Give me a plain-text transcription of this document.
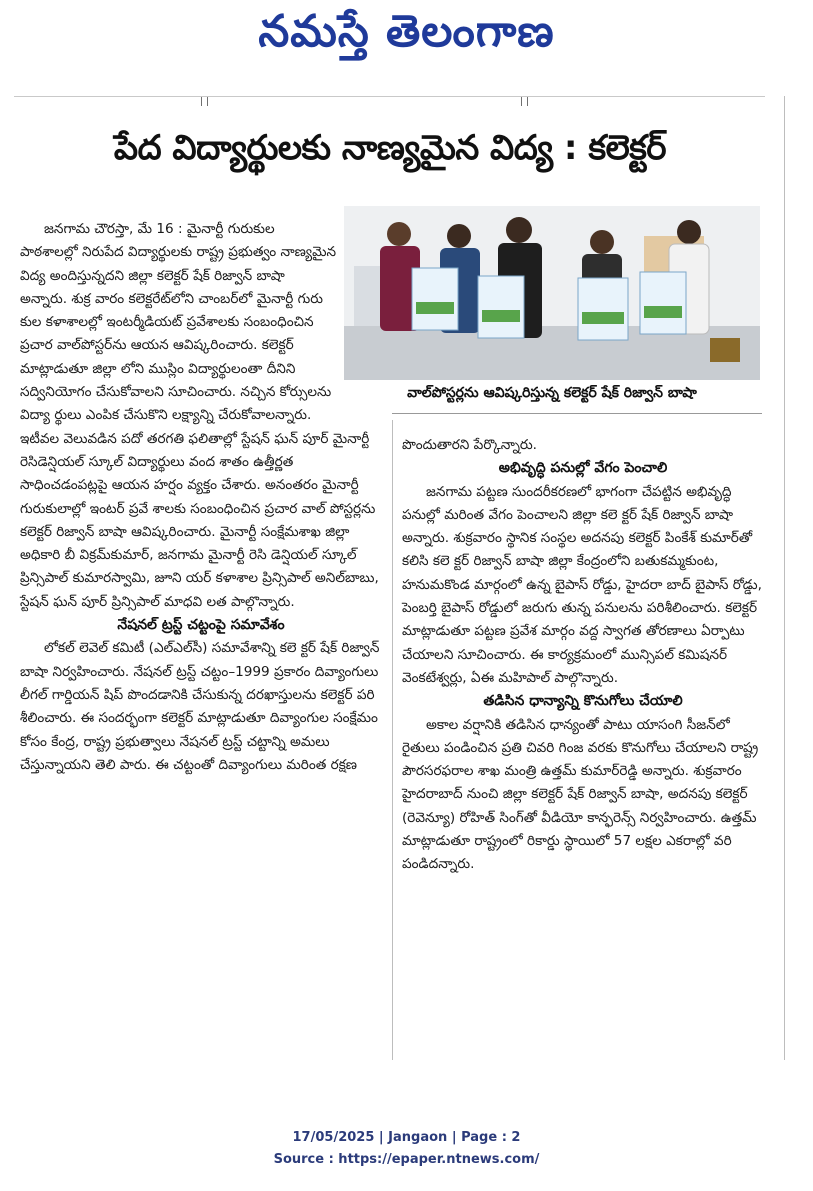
నమస్తే తెలంగాణ
| |	| |
పేద విద్యార్థులకు నాణ్యమైన విద్య : కలెక్టర్
వాల్‌పోస్టర్లను ఆవిష్కరిస్తున్న కలెక్టర్‌ షేక్‌ రిజ్వాన్‌ బాషా

జనగామ చౌరస్తా, మే 16 : మైనార్టీ గురుకుల పాఠశాలల్లో నిరుపేద విద్యార్థులకు రాష్ట్ర ప్రభుత్వం నాణ్యమైన విద్య అందిస్తున్నదని జిల్లా కలెక్టర్‌ షేక్‌ రిజ్వాన్‌ బాషా అన్నారు. శుక్ర వారం కలెక్టరేట్‌లోని చాంబర్‌లో మైనార్టీ గురు కుల కళాశాలల్లో ఇంటర్మీడియట్‌ ప్రవేశాలకు సంబంధించిన ప్రచార వాల్‌పోస్టర్‌ను ఆయన ఆవిష్కరించారు. కలెక్టర్‌ మాట్లాడుతూ జిల్లా లోని ముస్లిం విద్యార్థులంతా దీనిని సద్వినియోగం చేసుకోవాలని సూచించారు. నచ్చిన కోర్సులను విద్యా ర్థులు ఎంపిక చేసుకొని లక్ష్యాన్ని చేరుకోవాలన్నారు. ఇటీవల వెలువడిన పదో తరగతి ఫలితాల్లో స్టేషన్‌ ఘన్‌ పూర్‌ మైనార్టీ రెసిడెన్షియల్‌ స్కూల్‌ విద్యార్థులు వంద శాతం ఉత్తీర్ణత సాధించడంపట్లపై ఆయన హర్షం వ్యక్తం చేశారు. అనంతరం మైనార్టీ గురుకులాల్లో ఇంటర్‌ ప్రవే శాలకు సంబంధించిన ప్రచార వాల్‌ పోస్టర్లను కలెక్టర్‌ రిజ్వాన్‌ బాషా ఆవిష్కరించారు. మైనార్టీ సంక్షేమశాఖ జిల్లా అధికారి బీ విక్రమ్‌కుమార్‌, జనగామ మైనార్టీ రెసి డెన్షియల్‌ స్కూల్‌ ప్రిన్సిపాల్‌ కుమారస్వామి, జూని యర్‌ కళాశాల ప్రిన్సిపాల్‌ అనిల్‌బాబు, స్టేషన్‌ ఘన్‌ పూర్‌ ప్రిన్సిపాల్‌ మాధవి లత పాల్గొన్నారు.

నేషనల్‌ ట్రస్ట్‌ చట్టంపై సమావేశం

లోకల్‌ లెవెల్‌ కమిటీ (ఎల్‌ఎల్‌సీ) సమావేశాన్ని కలె క్టర్‌ షేక్‌ రిజ్వాన్‌ బాషా నిర్వహించారు. నేషనల్‌ ట్రస్ట్‌ చట్టం–1999 ప్రకారం దివ్యాంగులు లీగల్‌ గార్డియన్‌ షిప్‌ పొందడానికి చేసుకున్న దరఖాస్తులను కలెక్టర్‌ పరి శీలించారు. ఈ సందర్భంగా కలెక్టర్‌ మాట్లాడుతూ దివ్యాంగుల సంక్షేమం కోసం కేంద్ర, రాష్ట్ర ప్రభుత్వాలు నేషనల్‌ ట్రస్ట్‌ చట్టాన్ని అమలు చేస్తున్నాయని తెలి పారు. ఈ చట్టంతో దివ్యాంగులు మరింత రక్షణ

పొందుతారని పేర్కొన్నారు.

అభివృద్ధి పనుల్లో వేగం పెంచాలి

జనగామ పట్టణ సుందరీకరణలో భాగంగా చేపట్టిన అభివృద్ధి పనుల్లో మరింత వేగం పెంచాలని జిల్లా కలె క్టర్‌ షేక్‌ రిజ్వాన్‌ బాషా అన్నారు. శుక్రవారం స్థానిక సంస్థల అదనపు కలెక్టర్‌ పింకేశ్‌ కుమార్‌తో కలిసి కలె క్టర్‌ రిజ్వాన్‌ బాషా జిల్లా కేంద్రంలోని బతుకమ్మకుంట, హనుమకొండ మార్గంలో ఉన్న బైపాస్‌ రోడ్డు, హైదరా బాద్‌ బైపాస్‌ రోడ్డు, పెంబర్తి బైపాస్‌ రోడ్డులో జరుగు తున్న పనులను పరిశీలించారు. కలెక్టర్‌ మాట్లాడుతూ పట్టణ ప్రవేశ మార్గం వద్ద స్వాగత తోరణాలు ఏర్పాటు చేయాలని సూచించారు. ఈ కార్యక్రమంలో మున్సిపల్‌ కమిషనర్‌ వెంకటేశ్వర్లు, ఏఈ మహిపాల్‌ పాల్గొన్నారు.

తడిసిన ధాన్యాన్ని కొనుగోలు చేయాలి

అకాల వర్షానికి తడిసిన ధాన్యంతో పాటు యాసంగి సీజన్‌లో రైతులు పండించిన ప్రతి చివరి గింజ వరకు కొనుగోలు చేయాలని రాష్ట్ర పౌరసరఫరాల శాఖ మంత్రి ఉత్తమ్‌ కుమార్‌రెడ్డి అన్నారు. శుక్రవారం హైదరాబాద్‌ నుంచి జిల్లా కలెక్టర్‌ షేక్‌ రిజ్వాన్‌ బాషా, అదనపు కలెక్టర్‌ (రెవెన్యూ) రోహిత్‌ సింగ్‌తో వీడియో కాన్ఫరెన్స్‌ నిర్వహించారు. ఉత్తమ్‌ మాట్లాడుతూ రాష్ట్రంలో రికార్డు స్థాయిలో 57 లక్షల ఎకరాల్లో వరి పండిదన్నారు.

17/05/2025 | Jangaon | Page : 2
Source : https://epaper.ntnews.com/
